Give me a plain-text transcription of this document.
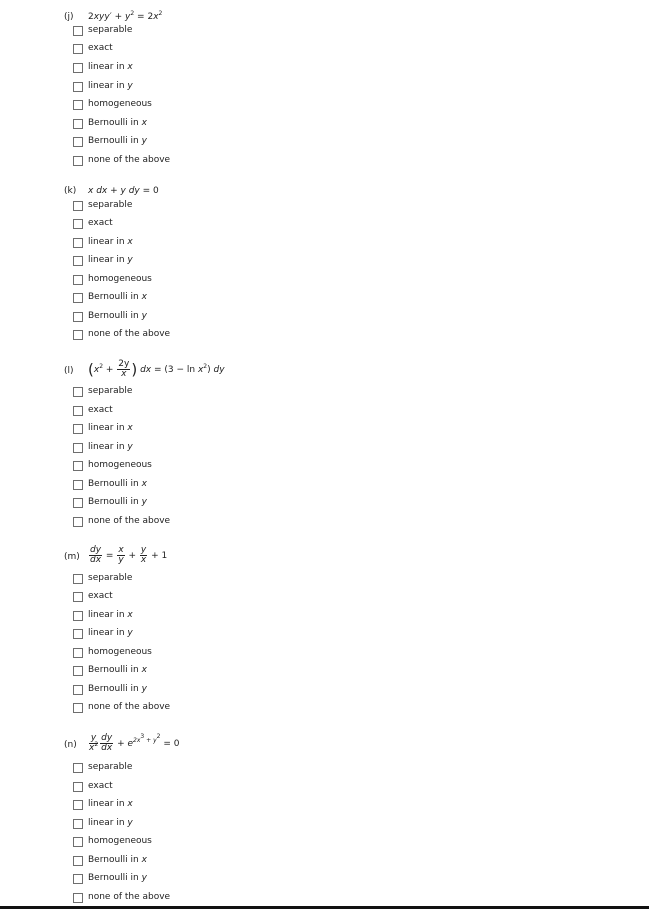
(j) $2xyy' + y^2 = 2x^2$
separable
exact
linear in x
linear in y
homogeneous
Bernoulli in x
Bernoulli in y
none of the above
(k) x dx + y dy = 0
separable
exact
linear in x
linear in y
homogeneous
Bernoulli in x
Bernoulli in y
none of the above
(l) ($x^2 + \frac{2y}{x}$ ) dx = $(3 - \ln x^2)$ dy
separable
exact
linear in x
linear in y
homogeneous
Bernoulli in x
Bernoulli in y
none of the above
$(m) \frac{dy}{dx} = \frac{x}{y} + \frac{y}{x} + 1$
separable
exact
linear in x
linear in y
homogeneous
Bernoulli in x
Bernoulli in y
none of the above
$(n) \frac{y}{x^2} \frac{dy}{dx} + e^{2x^3 + y^2} = 0$
separable
exact
linear in x
linear in y
homogeneous
Bernoulli in x
Bernoulli in y
none of the above
